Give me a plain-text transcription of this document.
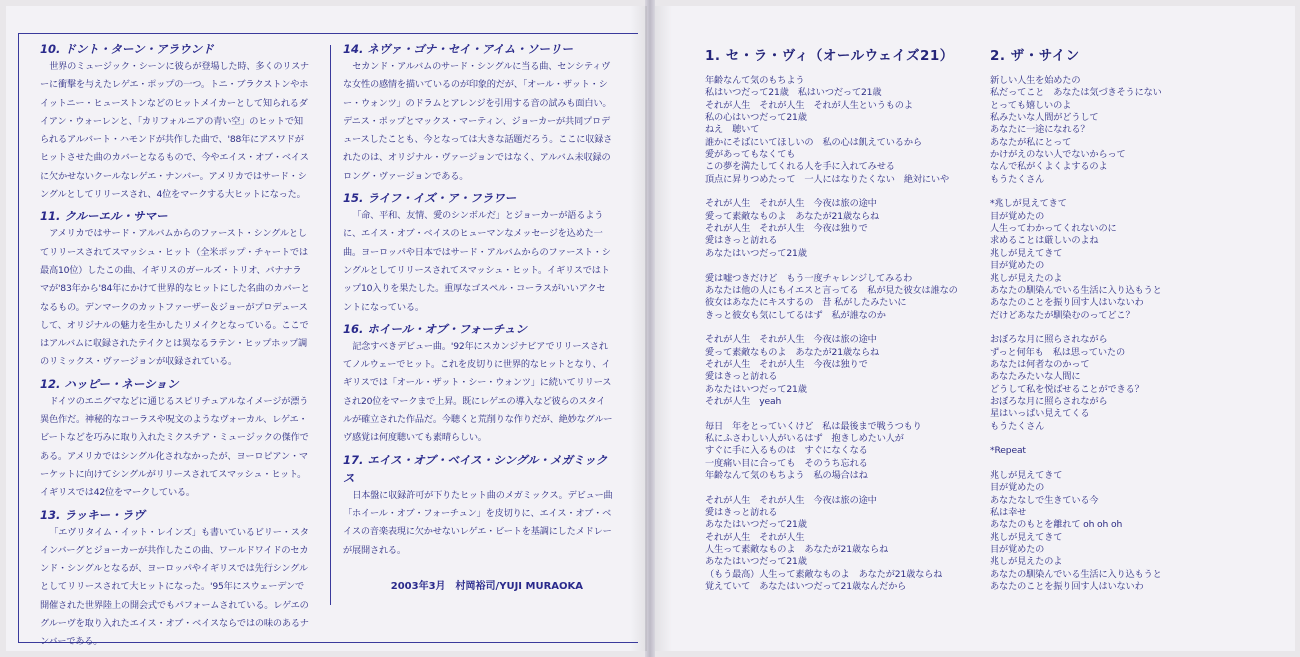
10. ドント・ターン・アラウンド

世界のミュージック・シーンに彼らが登場した時、多くのリスナーに衝撃を与えたレゲエ・ポップの一つ。トニ・ブラクストンやホイットニー・ヒューストンなどのヒットメイカーとして知られるダイアン・ウォーレンと、「カリフォルニアの青い空」のヒットで知られるアルバート・ハモンドが共作した曲で、'88年にアスワドがヒットさせた曲のカバーとなるもので、今やエイス・オブ・ベイスに欠かせないクールなレゲエ・ナンバー。アメリカではサード・シングルとしてリリースされ、4位をマークする大ヒットになった。

11. クルーエル・サマー

アメリカではサード・アルバムからのファースト・シングルとしてリリースされてスマッシュ・ヒット（全米ポップ・チャートでは最高10位）したこの曲、イギリスのガールズ・トリオ、バナナラマが'83年から'84年にかけて世界的なヒットにした名曲のカバーとなるもの。デンマークのカットファーザー＆ジョーがプロデュースして、オリジナルの魅力を生かしたリメイクとなっている。ここではアルバムに収録されたテイクとは異なるラテン・ヒップホップ調のリミックス・ヴァージョンが収録されている。

12. ハッピー・ネーション

ドイツのエニグマなどに通じるスピリチュアルなイメージが漂う異色作だ。神秘的なコーラスや呪文のようなヴォーカル、レゲエ・ビートなどを巧みに取り入れたミクスチア・ミュージックの傑作である。アメリカではシングル化されなかったが、ヨーロピアン・マーケットに向けてシングルがリリースされてスマッシュ・ヒット。イギリスでは42位をマークしている。

13. ラッキー・ラヴ

「エヴリタイム・イット・レインズ」も書いているビリー・スタインバーグとジョーカーが共作したこの曲、ワールドワイドのセカンド・シングルとなるが、ヨーロッパやイギリスでは先行シングルとしてリリースされて大ヒットになった。'95年にスウェーデンで開催された世界陸上の開会式でもパフォームされている。レゲエのグルーヴを取り入れたエイス・オブ・ベイスならではの味のあるナンバーである。

14. ネヴァ・ゴナ・セイ・アイム・ソーリー

セカンド・アルバムのサード・シングルに当る曲、センシティヴな女性の感情を描いているのが印象的だが、「オール・ザット・シー・ウォンツ」のドラムとアレンジを引用する音の試みも面白い。デニス・ポップとマックス・マーティン、ジョーカーが共同プロデュースしたことも、今となっては大きな話題だろう。ここに収録されたのは、オリジナル・ヴァージョンではなく、アルバム未収録のロング・ヴァージョンである。

15. ライフ・イズ・ア・フラワー

「命、平和、友情、愛のシンボルだ」とジョーカーが語るように、エイス・オブ・ベイスのヒューマンなメッセージを込めた一曲。ヨーロッパや日本ではサード・アルバムからのファースト・シングルとしてリリースされてスマッシュ・ヒット。イギリスではトップ10入りを果たした。重厚なゴスペル・コーラスがいいアクセントになっている。

16. ホイール・オブ・フォーチュン

記念すべきデビュー曲。'92年にスカンジナビアでリリースされてノルウェーでヒット。これを皮切りに世界的なヒットとなり、イギリスでは「オール・ザット・シー・ウォンツ」に続いてリリースされ20位をマークまで上昇。既にレゲエの導入など彼らのスタイルが確立された作品だ。今聴くと荒削りな作りだが、絶妙なグルーヴ感覚は何度聴いても素晴らしい。

17. エイス・オブ・ベイス・シングル・メガミックス

日本盤に収録許可が下りたヒット曲のメガミックス。デビュー曲「ホイール・オブ・フォーチュン」を皮切りに、エイス・オブ・ベイスの音楽表現に欠かせないレゲエ・ビートを基調にしたメドレーが展開される。

2003年3月　村岡裕司/YUJI MURAOKA
1. セ・ラ・ヴィ（オールウェイズ21）
年齢なんて気のもちよう
私はいつだって21歳　私はいつだって21歳
それが人生　それが人生　それが人生というものよ
私の心はいつだって21歳
ねえ　聴いて
誰かにそばにいてほしいの　私の心は飢えているから
愛があってもなくても
この夢を満たしてくれる人を手に入れてみせる
頂点に昇りつめたって　一人にはなりたくない　絶対にいや
それが人生　それが人生　今夜は旅の途中
愛って素敵なものよ　あなたが21歳ならね
それが人生　それが人生　今夜は独りで
愛はきっと訪れる
あなたはいつだって21歳
愛は嘘つきだけど　もう一度チャレンジしてみるわ
あなたは他の人にもイエスと言ってる　私が見た彼女は誰なの
彼女はあなたにキスするの　昔 私がしたみたいに
きっと彼女も気にしてるはず　私が誰なのか
それが人生　それが人生　今夜は旅の途中
愛って素敵なものよ　あなたが21歳ならね
それが人生　それが人生　今夜は独りで
愛はきっと訪れる
あなたはいつだって21歳
それが人生　yeah
毎日　年をとっていくけど　私は最後まで戦うつもり
私にふさわしい人がいるはず　抱きしめたい人が
すぐに手に入るものは　すぐになくなる
一度痛い目に合っても　そのうち忘れる
年齢なんて気のもちよう　私の場合はね
それが人生　それが人生　今夜は旅の途中
愛はきっと訪れる
あなたはいつだって21歳
それが人生　それが人生
人生って素敵なものよ　あなたが21歳ならね
あなたはいつだって21歳
（もう最高）人生って素敵なものよ　あなたが21歳ならね
覚えていて　あなたはいつだって21歳なんだから
2. ザ・サイン
新しい人生を始めたの
私だってこと　あなたは気づきそうにない
とっても嬉しいのよ
私みたいな人間がどうして
あなたに一途になれる？
あなたが私にとって
かけがえのない人でないからって
なんで私がくよくよするのよ
もうたくさん
*兆しが見えてきて
目が覚めたの
人生ってわかってくれないのに
求めることは厳しいのよね
兆しが見えてきて
目が覚めたの
兆しが見えたのよ
あなたの馴染んでいる生活に入り込もうと
あなたのことを振り回す人はいないわ
だけどあなたが馴染むのってどこ？
おぼろな月に照らされながら
ずっと何年も　私は思っていたの
あなたは何者なのかって
あなたみたいな人間に
どうして私を悦ばせることができる？
おぼろな月に照らされながら
星はいっぱい見えてくる
もうたくさん
*Repeat
兆しが見えてきて
目が覚めたの
あなたなしで生きている今
私は幸せ
あなたのもとを離れて oh oh oh
兆しが見えてきて
目が覚めたの
兆しが見えたのよ
あなたの馴染んでいる生活に入り込もうと
あなたのことを振り回す人はいないわ
